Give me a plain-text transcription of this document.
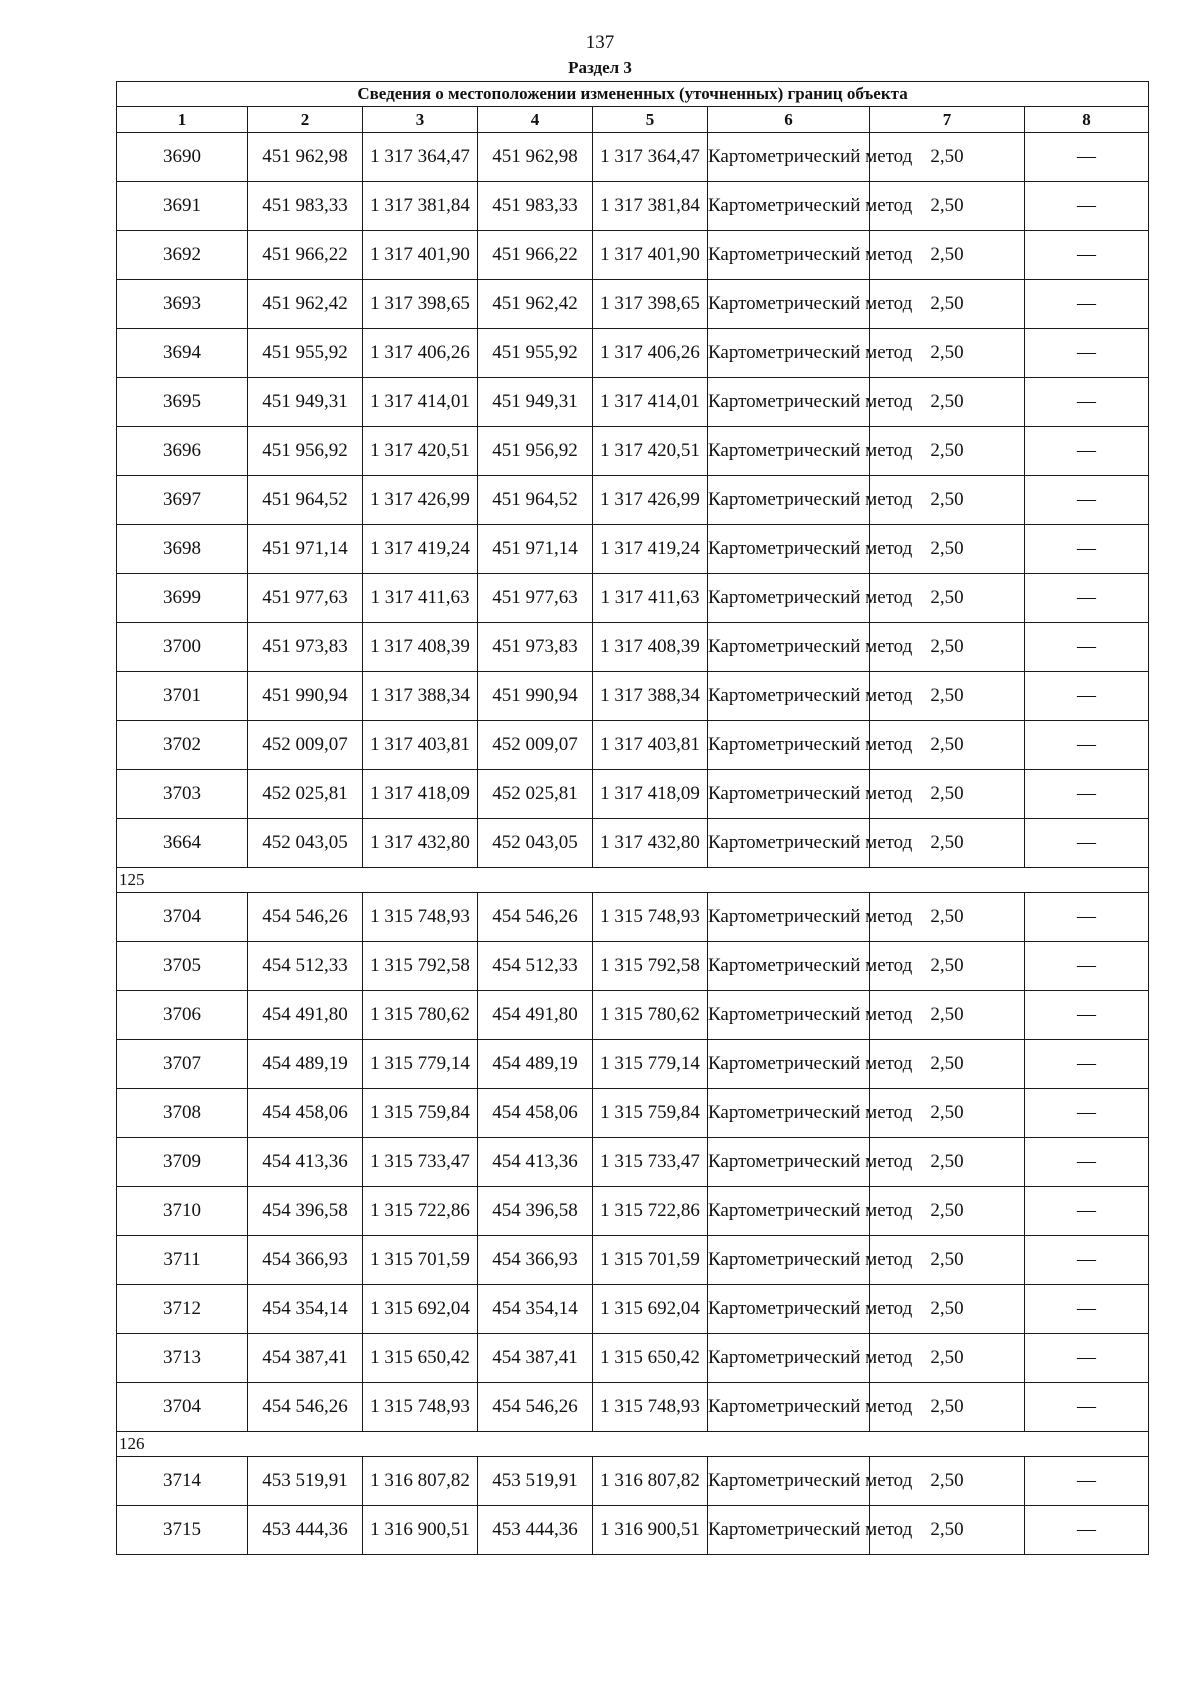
137
Раздел 3
Сведения о местоположении измененных (уточненных) границ объекта							
1	2	3	4	5	6	7	8
3690	451 962,98	1 317 364,47	451 962,98	1 317 364,47	Картометрический метод	2,50	—
3691	451 983,33	1 317 381,84	451 983,33	1 317 381,84	Картометрический метод	2,50	—
3692	451 966,22	1 317 401,90	451 966,22	1 317 401,90	Картометрический метод	2,50	—
3693	451 962,42	1 317 398,65	451 962,42	1 317 398,65	Картометрический метод	2,50	—
3694	451 955,92	1 317 406,26	451 955,92	1 317 406,26	Картометрический метод	2,50	—
3695	451 949,31	1 317 414,01	451 949,31	1 317 414,01	Картометрический метод	2,50	—
3696	451 956,92	1 317 420,51	451 956,92	1 317 420,51	Картометрический метод	2,50	—
3697	451 964,52	1 317 426,99	451 964,52	1 317 426,99	Картометрический метод	2,50	—
3698	451 971,14	1 317 419,24	451 971,14	1 317 419,24	Картометрический метод	2,50	—
3699	451 977,63	1 317 411,63	451 977,63	1 317 411,63	Картометрический метод	2,50	—
3700	451 973,83	1 317 408,39	451 973,83	1 317 408,39	Картометрический метод	2,50	—
3701	451 990,94	1 317 388,34	451 990,94	1 317 388,34	Картометрический метод	2,50	—
3702	452 009,07	1 317 403,81	452 009,07	1 317 403,81	Картометрический метод	2,50	—
3703	452 025,81	1 317 418,09	452 025,81	1 317 418,09	Картометрический метод	2,50	—
3664	452 043,05	1 317 432,80	452 043,05	1 317 432,80	Картометрический метод	2,50	—
125							
3704	454 546,26	1 315 748,93	454 546,26	1 315 748,93	Картометрический метод	2,50	—
3705	454 512,33	1 315 792,58	454 512,33	1 315 792,58	Картометрический метод	2,50	—
3706	454 491,80	1 315 780,62	454 491,80	1 315 780,62	Картометрический метод	2,50	—
3707	454 489,19	1 315 779,14	454 489,19	1 315 779,14	Картометрический метод	2,50	—
3708	454 458,06	1 315 759,84	454 458,06	1 315 759,84	Картометрический метод	2,50	—
3709	454 413,36	1 315 733,47	454 413,36	1 315 733,47	Картометрический метод	2,50	—
3710	454 396,58	1 315 722,86	454 396,58	1 315 722,86	Картометрический метод	2,50	—
3711	454 366,93	1 315 701,59	454 366,93	1 315 701,59	Картометрический метод	2,50	—
3712	454 354,14	1 315 692,04	454 354,14	1 315 692,04	Картометрический метод	2,50	—
3713	454 387,41	1 315 650,42	454 387,41	1 315 650,42	Картометрический метод	2,50	—
3704	454 546,26	1 315 748,93	454 546,26	1 315 748,93	Картометрический метод	2,50	—
126							
3714	453 519,91	1 316 807,82	453 519,91	1 316 807,82	Картометрический метод	2,50	—
3715	453 444,36	1 316 900,51	453 444,36	1 316 900,51	Картометрический метод	2,50	—
